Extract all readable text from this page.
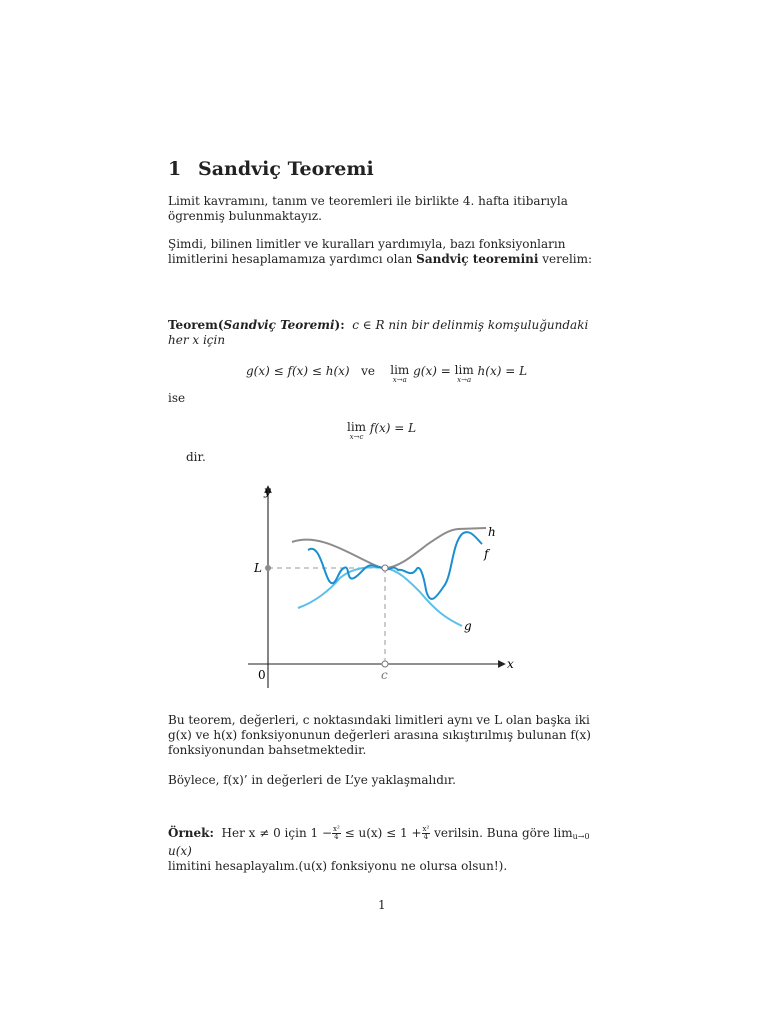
1 Sandviç Teoremi
Limit kavramını, tanım ve teoremleri ile birlikte 4. hafta itibarıyla ögrenmiş bulunmaktayız.
Şimdi, bilinen limitler ve kuralları yardımıyla, bazı fonksiyonların limitlerini hesaplamamıza yardımcı olan Sandviç teoremini verelim:
Teorem(Sandviç Teoremi): c ∈ R nin bir delinmiş komşuluğundaki her x için
g(x) ≤ f(x) ≤ h(x) ve lim
x→a
g(x) = lim
x→a
h(x) = L
ise
lim
x→c
f(x) = L
dir.
y
x
L
0	c
h
f
g
Bu teorem, değerleri, c noktasındaki limitleri aynı ve L olan başka iki g(x) ve h(x) fonksiyonunun değerleri arasına sıkıştırılmış bulunan f(x) fonksiyonundan bahsetmektedir.
Böylece, f(x)’ in değerleri de L’ye yaklaşmalıdır.
Örnek: Her x ≠ 0 için $1 - \frac{\text{x²}}{4} \le u(x) \le 1 + \frac{\text{x²}}{4}$ verilsin. Buna göre limu→0 u(x)
limitini hesaplayalım.(u(x) fonksiyonu ne olursa olsun!).
1
